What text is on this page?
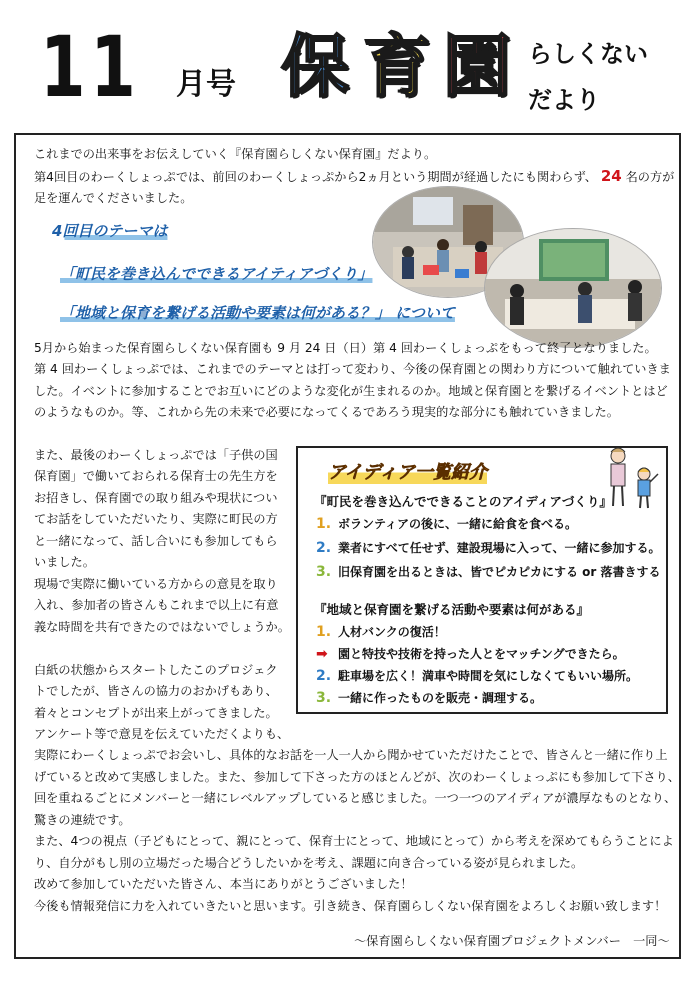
11 月号 保 育 園 らしくない
だより
これまでの出来事をお伝えしていく『保育園らしくない保育園』だより。
第4回目のわーくしょっぷでは、前回のわーくしょっぷから2ヵ月という期間が経過したにも関わらず、 24 名の方が
足を運んでくださいました。
4回目のテーマは
「町民を巻き込んでできるアイティアづくり」
「地域と保育を繋げる活動や要素は何がある？」 について
5月から始まった保育園らしくない保育園も 9 月 24 日（日）第 4 回わーくしょっぷをもって終了となりました。
第 4 回わーくしょっぷでは、これまでのテーマとは打って変わり、今後の保育園との関わり方について触れていきま
した。イベントに参加することでお互いにどのような変化が生まれるのか。地域と保育園とを繋げるイベントとはど
のようなものか。等、これから先の未来で必要になってくるであろう現実的な部分にも触れていきました。
また、最後のわーくしょっぷでは「子供の国
保育園」で働いておられる保育士の先生方を
お招きし、保育園での取り組みや現状につい
てお話をしていただいたり、実際に町民の方
と一緒になって、話し合いにも参加してもら
いました。
現場で実際に働いている方からの意見を取り
入れ、参加者の皆さんもこれまで以上に有意
義な時間を共有できたのではないでしょうか。
白紙の状態からスタートしたこのプロジェク
トでしたが、皆さんの協力のおかげもあり、
着々とコンセプトが出来上がってきました。
アンケート等で意見を伝えていただくよりも、
実際にわーくしょっぷでお会いし、具体的なお話を一人一人から聞かせていただけたことで、皆さんと一緒に作り上
げていると改めて実感しました。また、参加して下さった方のほとんどが、次のわーくしょっぷにも参加して下さり、
回を重ねるごとにメンバーと一緒にレベルアップしていると感じました。一つ一つのアイディアが濃厚なものとなり、
驚きの連続です。
また、4つの視点（子どもにとって、親にとって、保育士にとって、地域にとって）から考えを深めてもらうことによ
り、自分がもし別の立場だった場合どうしたいかを考え、課題に向き合っている姿が見られました。
改めて参加していただいた皆さん、本当にありがとうございました！
今後も情報発信に力を入れていきたいと思います。引き続き、保育園らしくない保育園をよろしくお願い致します！
～保育園らしくない保育園プロジェクトメンバー　一同～
アイディア一覧紹介
『町民を巻き込んでできることのアイディアづくり』
1. ボランティアの後に、一緒に給食を食べる。
2. 業者にすべて任せず、建設現場に入って、一緒に参加する。
3. 旧保育園を出るときは、皆でピカピカにする or 落書きする
『地域と保育園を繋げる活動や要素は何がある』
1. 人材バンクの復活！
➡ 園と特技や技術を持った人とをマッチングできたら。
2. 駐車場を広く！満車や時間を気にしなくてもいい場所。
3. 一緒に作ったものを販売・調理する。
